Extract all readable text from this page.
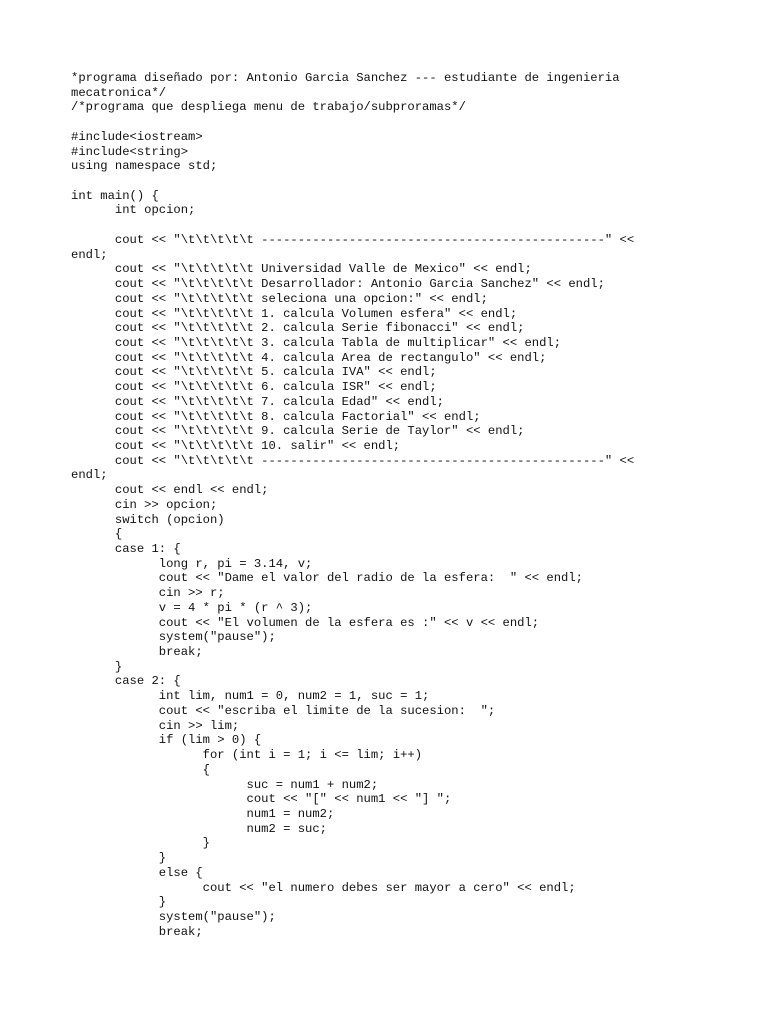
*programa diseñado por: Antonio Garcia Sanchez --- estudiante de ingenieria
mecatronica*/
/*programa que despliega menu de trabajo/subproramas*/
#include<iostream>
#include<string>
using namespace std;
int main() {
int opcion;
cout << "\t\t\t\t\t -----------------------------------------------" <<
endl;
cout << "\t\t\t\t\t Universidad Valle de Mexico" << endl;
cout << "\t\t\t\t\t Desarrollador: Antonio Garcia Sanchez" << endl;
cout << "\t\t\t\t\t seleciona una opcion:" << endl;
cout << "\t\t\t\t\t 1. calcula Volumen esfera" << endl;
cout << "\t\t\t\t\t 2. calcula Serie fibonacci" << endl;
cout << "\t\t\t\t\t 3. calcula Tabla de multiplicar" << endl;
cout << "\t\t\t\t\t 4. calcula Area de rectangulo" << endl;
cout << "\t\t\t\t\t 5. calcula IVA" << endl;
cout << "\t\t\t\t\t 6. calcula ISR" << endl;
cout << "\t\t\t\t\t 7. calcula Edad" << endl;
cout << "\t\t\t\t\t 8. calcula Factorial" << endl;
cout << "\t\t\t\t\t 9. calcula Serie de Taylor" << endl;
cout << "\t\t\t\t\t 10. salir" << endl;
cout << "\t\t\t\t\t -----------------------------------------------" <<
endl;
cout << endl << endl;
cin >> opcion;
switch (opcion)
{
case 1: {
long r, pi = 3.14, v;
cout << "Dame el valor del radio de la esfera:  " << endl;
cin >> r;
v = 4 * pi * (r ^ 3);
cout << "El volumen de la esfera es :" << v << endl;
system("pause");
break;
}
case 2: {
int lim, num1 = 0, num2 = 1, suc = 1;
cout << "escriba el limite de la sucesion:  ";
cin >> lim;
if (lim > 0) {
for (int i = 1; i <= lim; i++)
{
suc = num1 + num2;
cout << "[" << num1 << "] ";
num1 = num2;
num2 = suc;
}
}
else {
cout << "el numero debes ser mayor a cero" << endl;
}
system("pause");
break;
